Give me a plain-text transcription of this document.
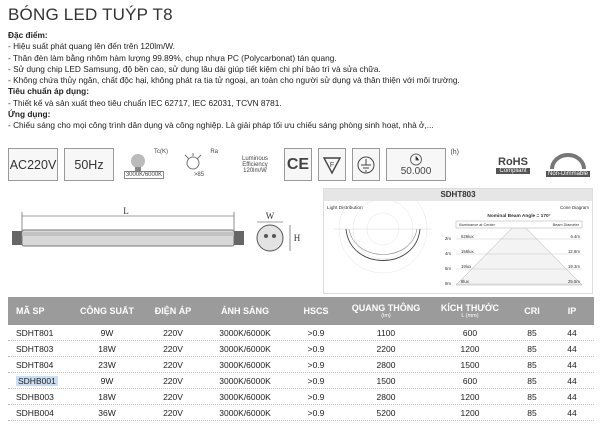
BÓNG LED TUÝP T8
Đặc điểm:
- Hiệu suất phát quang lên đến trên 120lm/W.
- Thân đèn làm bằng nhôm hàm lượng 99.89%, chụp nhựa PC (Polycarbonat) tán quang.
- Sử dụng chip LED Samsung, độ bền cao, sử dụng lâu dài giúp tiết kiệm chi phí bảo trì và sửa chữa.
- Không chứa thủy ngân, chất độc hại, không phát ra tia tử ngoại, an toàn cho người sử dụng và thân thiện với môi trường.
Tiêu chuẩn áp dụng:
- Thiết kế và sản xuất theo tiêu chuẩn IEC 62717, IEC 62031, TCVN 8781.
Ứng dụng:
- Chiếu sáng cho mọi công trình dân dụng và công nghiệp. Là giải pháp tối ưu chiếu sáng phòng sinh hoạt, nhà ở,...
AC220V 50Hz
Tc(K)
3000K/6000K
Ra
>85
Luminous
Efficiency
120lm/W CE	F
50.000
(h)
RoHS
Compliant	Non-Dimmable
L	W
H
SDHT803
Light Distribution	Cone Diagram
Nominal Beam Angle = 170°
Illuminance at Center	Beam Diameter
2m 626lux	6.4m
4m 156lux	12.8m
6m 19lux	19.3m
8m 8lux	25.5m
MÃ SP	CÔNG SUẤT	ĐIỆN ÁP	ÁNH SÁNG	HSCS	QUANG THÔNG
(lm)
KÍCH THƯỚC
L (mm)	CRI	IP
SDHT801	9W	220V	3000K/6000K	>0.9	1100	600	85	44
SDHT803	18W	220V	3000K/6000K	>0.9	2200	1200	85	44
SDHT804	23W	220V	3000K/6000K	>0.9	2800	1500	85	44
SDHB001	9W	220V	3000K/6000K	>0.9	1500	600	85	44
SDHB003	18W	220V	3000K/6000K	>0.9	2800	1200	85	44
SDHB004	36W	220V	3000K/6000K	>0.9	5200	1200	85	44
